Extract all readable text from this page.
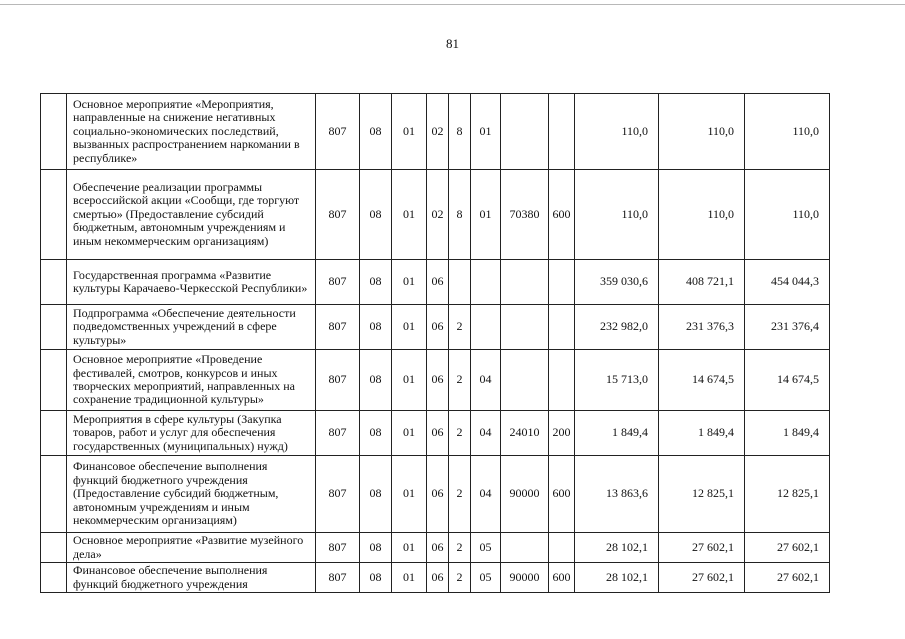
81
	Основное мероприятие «Мероприятия, направленные на снижение негативных социально-экономических последствий, вызванных распространением наркомании в республике»	807	08	01	02	8	01			110,0	110,0	110,0
	Обеспечение реализации программы всероссийской акции «Сообщи, где торгуют смертью» (Предоставление субсидий бюджетным, автономным учреждениям и иным некоммерческим организациям)	807	08	01	02	8	01	70380	600	110,0	110,0	110,0
	Государственная программа «Развитие культуры Карачаево-Черкесской Республики»	807	08	01	06					359 030,6	408 721,1	454 044,3
	Подпрограмма «Обеспечение деятельности подведомственных учреждений в сфере культуры»	807	08	01	06	2				232 982,0	231 376,3	231 376,4
	Основное мероприятие «Проведение фестивалей, смотров, конкурсов и иных творческих мероприятий, направленных на сохранение традиционной культуры»	807	08	01	06	2	04			15 713,0	14 674,5	14 674,5
	Мероприятия в сфере культуры (Закупка товаров, работ и услуг для обеспечения государственных (муниципальных) нужд)	807	08	01	06	2	04	24010	200	1 849,4	1 849,4	1 849,4
	Финансовое обеспечение выполнения функций бюджетного учреждения (Предоставление субсидий бюджетным, автономным учреждениям и иным некоммерческим организациям)	807	08	01	06	2	04	90000	600	13 863,6	12 825,1	12 825,1
	Основное мероприятие «Развитие музейного дела»	807	08	01	06	2	05			28 102,1	27 602,1	27 602,1
	Финансовое обеспечение выполнения функций бюджетного учреждения	807	08	01	06	2	05	90000	600	28 102,1	27 602,1	27 602,1
